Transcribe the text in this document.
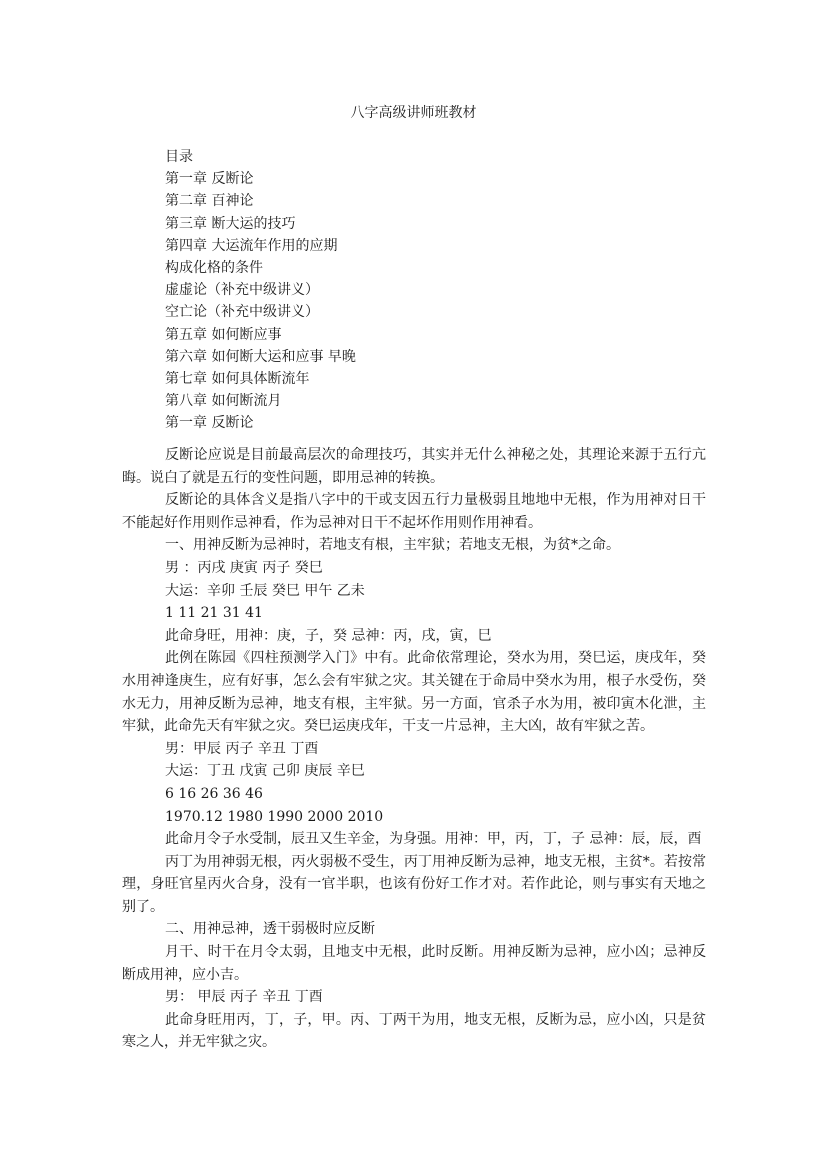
八字高级讲师班教材
目录
第一章 反断论
第二章 百神论
第三章 断大运的技巧
第四章 大运流年作用的应期
构成化格的条件
虚虚论（补充中级讲义）
空亡论（补充中级讲义）
第五章 如何断应事
第六章 如何断大运和应事 早晚
第七章 如何具体断流年
第八章 如何断流月
第一章 反断论

反断论应说是目前最高层次的命理技巧，其实并无什么神秘之处，其理论来源于五行亢晦。说白了就是五行的变性问题，即用忌神的转换。

反断论的具体含义是指八字中的干或支因五行力量极弱且地地中无根，作为用神对日干不能起好作用则作忌神看，作为忌神对日干不起坏作用则作用神看。

一、用神反断为忌神时，若地支有根，主牢狱；若地支无根，为贫*之命。

男 ：丙戌 庚寅 丙子 癸巳

大运：辛卯 壬辰 癸巳 甲午 乙未

1 11 21 31 41

此命身旺，用神：庚，子，癸 忌神：丙，戌，寅，巳

此例在陈园《四柱预测学入门》中有。此命依常理论，癸水为用，癸巳运，庚戌年，癸水用神逢庚生，应有好事，怎么会有牢狱之灾。其关键在于命局中癸水为用，根子水受伤，癸水无力，用神反断为忌神，地支有根，主牢狱。另一方面，官杀子水为用，被印寅木化泄，主牢狱，此命先天有牢狱之灾。癸巳运庚戌年，干支一片忌神，主大凶，故有牢狱之苦。

男：甲辰 丙子 辛丑 丁酉

大运：丁丑 戊寅 己卯 庚辰 辛巳

6 16 26 36 46

1970.12 1980 1990 2000 2010

此命月令子水受制，辰丑又生辛金，为身强。用神：甲，丙，丁，子 忌神：辰，辰，酉

丙丁为用神弱无根，丙火弱极不受生，丙丁用神反断为忌神，地支无根，主贫*。若按常理，身旺官星丙火合身，没有一官半职，也该有份好工作才对。若作此论，则与事实有天地之别了。

二、用神忌神，透干弱极时应反断

月干、时干在月令太弱，且地支中无根，此时反断。用神反断为忌神，应小凶；忌神反断成用神，应小吉。

男： 甲辰 丙子 辛丑 丁酉

此命身旺用丙，丁，子，甲。丙、丁两干为用，地支无根，反断为忌，应小凶，只是贫寒之人，并无牢狱之灾。
